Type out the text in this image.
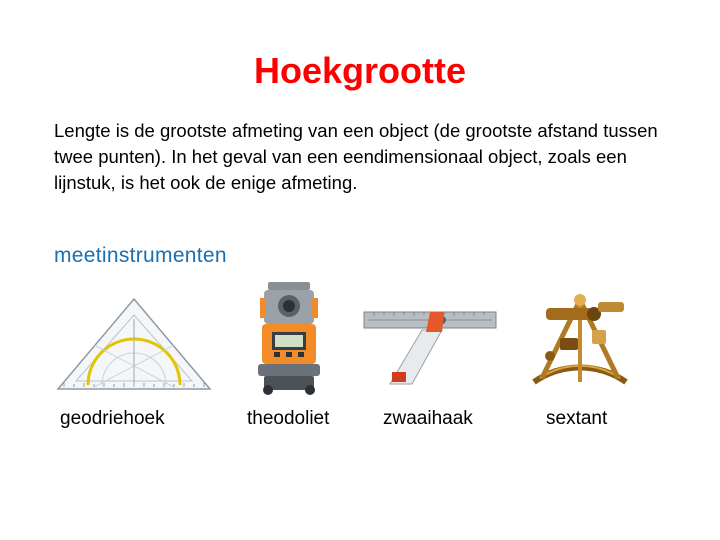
Hoekgrootte
Lengte is de grootste afmeting van een object (de grootste afstand tussen twee punten). In het geval van een eendimensionaal object, zoals een lijnstuk, is het ook de enige afmeting.
meetinstrumenten
geodriehoek	theodoliet	zwaaihaak	sextant
